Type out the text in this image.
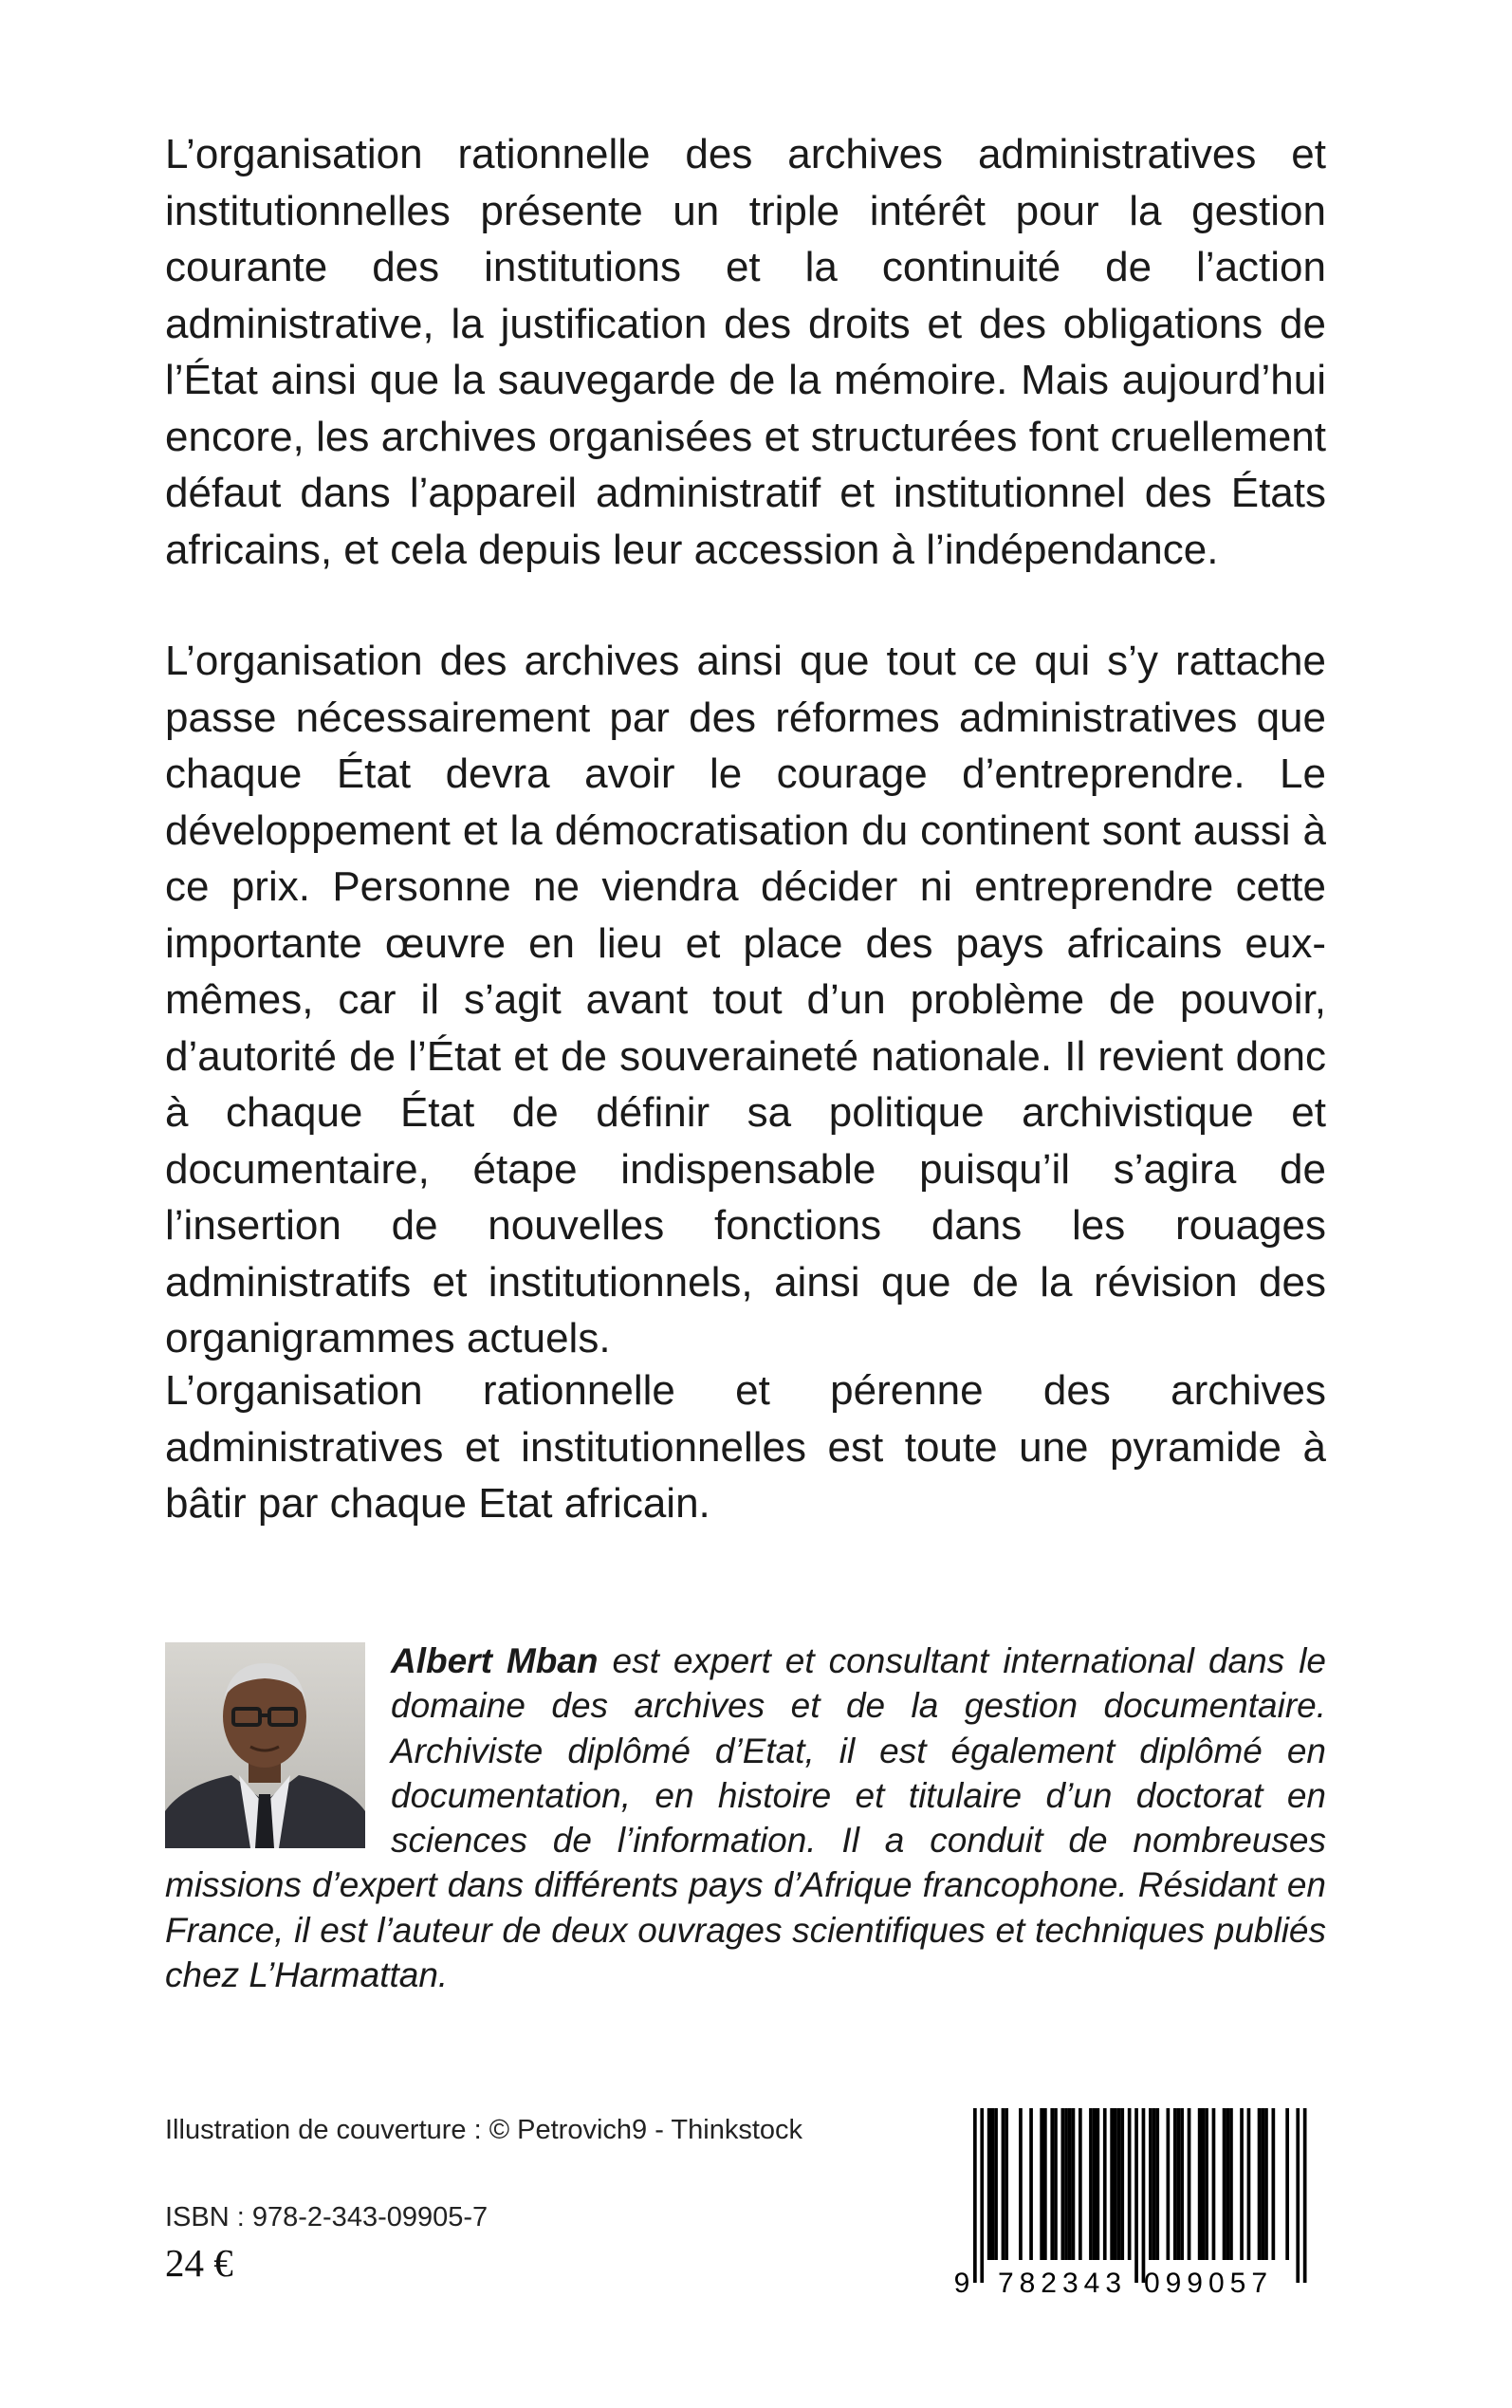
L’organisation rationnelle des archives administratives et institutionnelles présente un triple intérêt pour la gestion courante des institutions et la continuité de l’action administrative, la justification des droits et des obligations de l’État ainsi que la sauvegarde de la mémoire. Mais aujourd’hui encore, les archives organisées et structurées font cruellement défaut dans l’appareil administratif et institutionnel des États africains, et cela depuis leur accession à l’indépendance.

L’organisation des archives ainsi que tout ce qui s’y rattache passe nécessairement par des réformes administratives que chaque État devra avoir le courage d’entreprendre. Le développement et la démocratisation du continent sont aussi à ce prix. Personne ne viendra décider ni entreprendre cette importante œuvre en lieu et place des pays africains eux-mêmes, car il s’agit avant tout d’un problème de pouvoir, d’autorité de l’État et de souveraineté nationale. Il revient donc à chaque État de définir sa politique archivistique et documentaire, étape indispensable puisqu’il s’agira de l’insertion de nouvelles fonctions dans les rouages administratifs et institutionnels, ainsi que de la révision des organigrammes actuels.

L’organisation rationnelle et pérenne des archives administratives et institutionnelles est toute une pyramide à bâtir par chaque Etat africain.

Albert Mban est expert et consultant international dans le domaine des archives et de la gestion documentaire. Archiviste diplômé d’Etat, il est également diplômé en documentation, en histoire et titulaire d’un doctorat en sciences de l’information. Il a conduit de nombreuses missions d’expert dans différents pays d’Afrique francophone. Résidant en France, il est l’auteur de deux ouvrages scientifiques et techniques publiés chez L’Harmattan.

Illustration de couverture : © Petrovich9 - Thinkstock
ISBN : 978-2-343-09905-7
24 €	9 782343 099057
